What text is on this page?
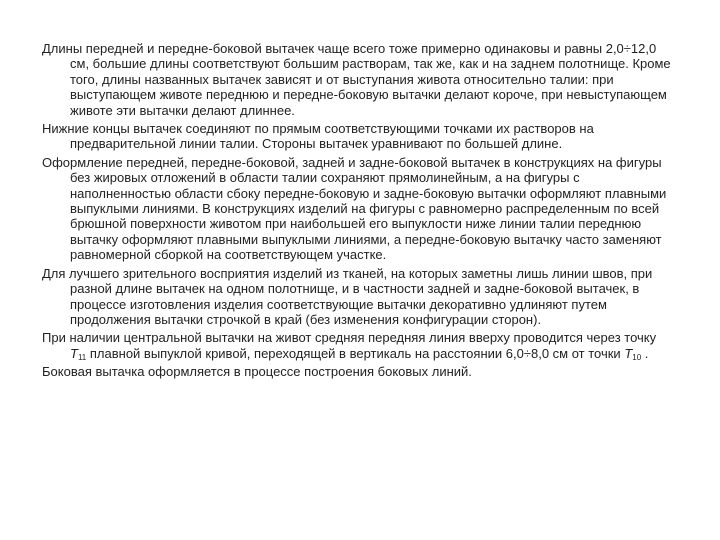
Длины передней и передне-боковой вытачек чаще всего тоже примерно одинаковы и равны 2,0÷12,0 см, большие длины соответствуют большим растворам, так же, как и на заднем полотнище. Кроме того, длины названных вытачек зависят и от выступания живота относительно талии: при выступающем животе переднюю и передне-боковую вытачки делают короче, при невыступающем животе эти вытачки делают длиннее.

Нижние концы вытачек соединяют по прямым соответствующими точками их растворов на предварительной линии талии. Стороны вытачек уравнивают по большей длине.

Оформление передней, передне-боковой, задней и задне-боковой вытачек в конструкциях на фигуры без жировых отложений в области талии сохраняют прямолинейным, а на фигуры с наполненностью области сбоку передне-боковую и задне-боковую вытачки оформляют плавными выпуклыми линиями. В конструкциях изделий на фигуры с равномерно распределенным по всей брюшной поверхности животом при наибольшей его выпуклости ниже линии талии переднюю вытачку оформляют плавными выпуклыми линиями, а передне-боковую вытачку часто заменяют равномерной сборкой на соответствующем участке.

Для лучшего зрительного восприятия изделий из тканей, на которых заметны лишь линии швов, при разной длине вытачек на одном полотнище, и в частности задней и задне-боковой вытачек, в процессе изготовления изделия соответствующие вытачки декоративно удлиняют путем продолжения вытачки строчкой в край (без изменения конфигурации сторон).

При наличии центральной вытачки на живот средняя передняя линия вверху проводится через точку $Т_{11}$ плавной выпуклой кривой, переходящей в вертикаль на расстоянии 6,0÷8,0 см от точки $Т_{10}$ .

Боковая вытачка оформляется в процессе построения боковых линий.
